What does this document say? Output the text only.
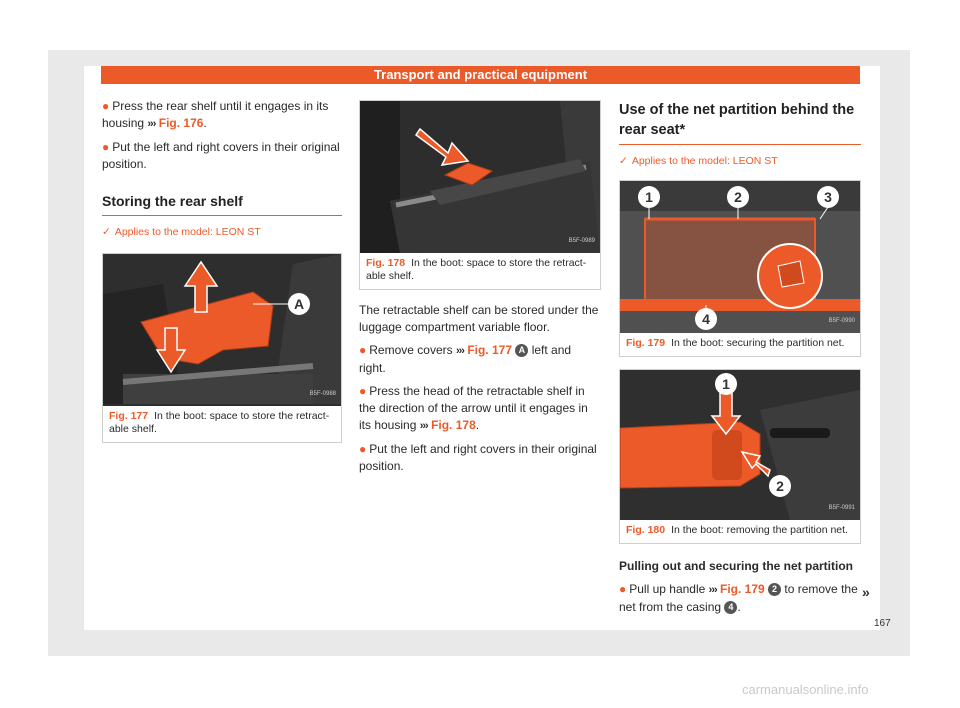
Transport and practical equipment

● Press the rear shelf until it engages in its housing ››› Fig. 176.

● Put the left and right covers in their original position.

Storing the rear shelf
✓ Applies to the model: LEON ST
A
B5F-0988
Fig. 177 In the boot: space to store the retractable shelf.
B5F-0989
Fig. 178 In the boot: space to store the retractable shelf.

The retractable shelf can be stored under the luggage compartment variable floor.

● Remove covers ››› Fig. 177 A left and right.

● Press the head of the retractable shelf in the direction of the arrow until it engages in its housing ››› Fig. 178.

● Put the left and right covers in their original position.

Use of the net partition behind the rear seat*
✓ Applies to the model: LEON ST
1	2	3
4	B5F-0990
Fig. 179 In the boot: securing the partition net.
1
2
B5F-0991
Fig. 180 In the boot: removing the partition net.
Pulling out and securing the net partition

● Pull up handle ››› Fig. 179 2 to remove the net from the casing 4 .

»
167
carmanualsonline.info
